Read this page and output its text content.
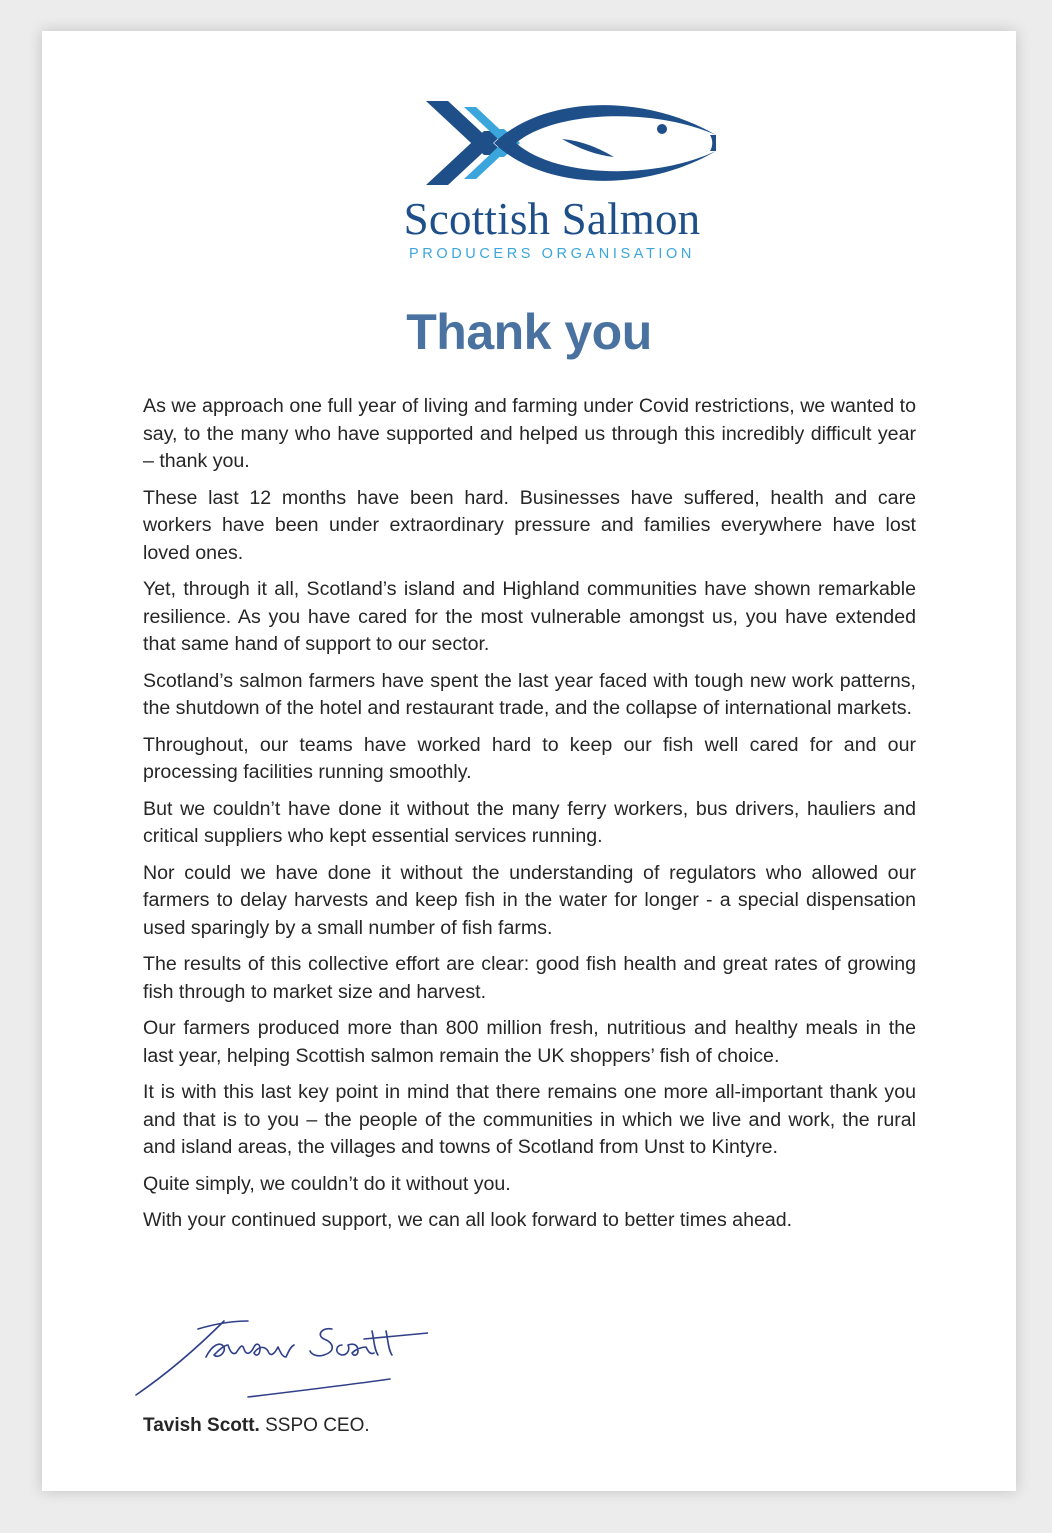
Scottish Salmon
PRODUCERS ORGANISATION
Thank you

As we approach one full year of living and farming under Covid restrictions, we wanted to say, to the many who have supported and helped us through this incredibly difficult year – thank you.

These last 12 months have been hard. Businesses have suffered, health and care workers have been under extraordinary pressure and families everywhere have lost loved ones.

Yet, through it all, Scotland’s island and Highland communities have shown remarkable resilience. As you have cared for the most vulnerable amongst us, you have extended that same hand of support to our sector.

Scotland’s salmon farmers have spent the last year faced with tough new work patterns, the shutdown of the hotel and restaurant trade, and the collapse of international markets.

Throughout, our teams have worked hard to keep our fish well cared for and our processing facilities running smoothly.

But we couldn’t have done it without the many ferry workers, bus drivers, hauliers and critical suppliers who kept essential services running.

Nor could we have done it without the understanding of regulators who allowed our farmers to delay harvests and keep fish in the water for longer - a special dispensation used sparingly by a small number of fish farms.

The results of this collective effort are clear: good fish health and great rates of growing fish through to market size and harvest.

Our farmers produced more than 800 million fresh, nutritious and healthy meals in the last year, helping Scottish salmon remain the UK shoppers’ fish of choice.

It is with this last key point in mind that there remains one more all-important thank you and that is to you – the people of the communities in which we live and work, the rural and island areas, the villages and towns of Scotland from Unst to Kintyre.

Quite simply, we couldn’t do it without you.

With your continued support, we can all look forward to better times ahead.

Tavish Scott. SSPO CEO.
